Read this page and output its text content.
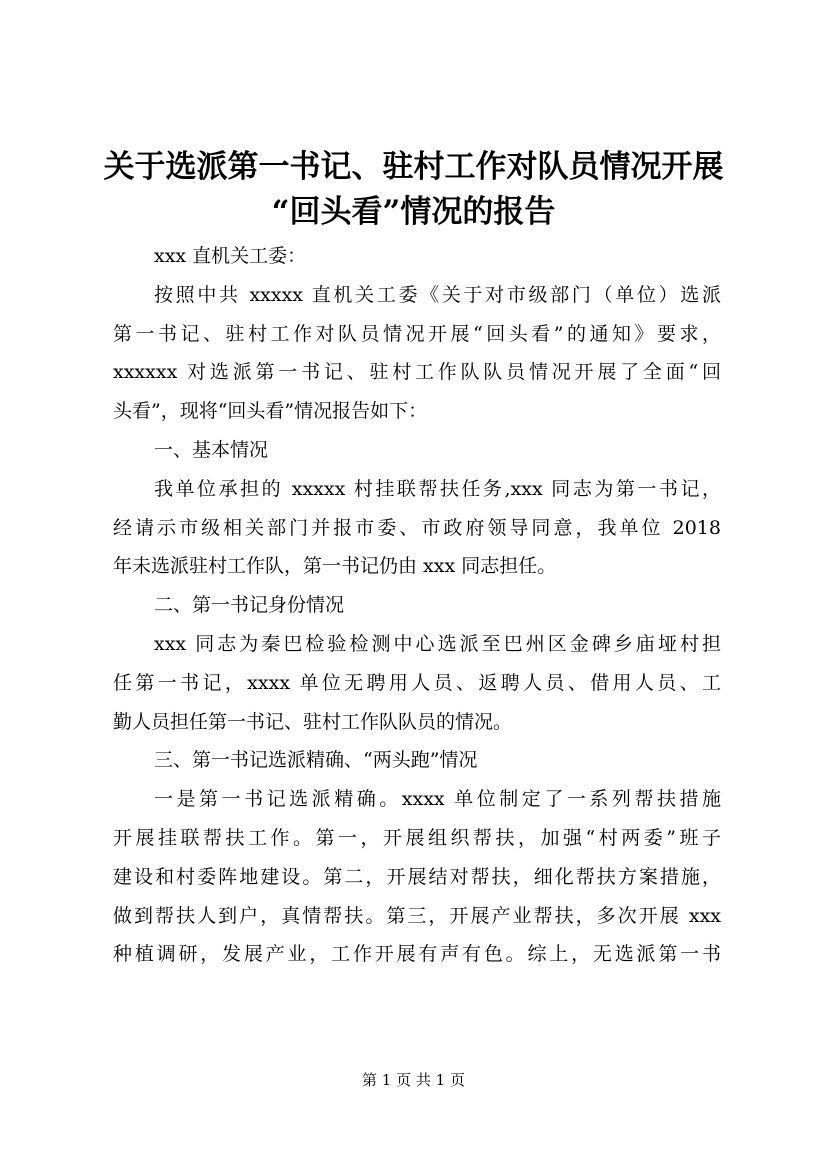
关于选派第一书记、驻村工作对队员情况开展
“回头看”情况的报告
xxx 直机关工委：
按照中共 xxxxx 直机关工委《关于对市级部门（单位）选派
第一书记、驻村工作对队员情况开展“回头看”的通知》要求，
xxxxxx 对选派第一书记、驻村工作队队员情况开展了全面“回
头看”，现将“回头看”情况报告如下：
一、基本情况
我单位承担的 xxxxx 村挂联帮扶任务,xxx 同志为第一书记，
经请示市级相关部门并报市委、市政府领导同意，我单位 2018
年未选派驻村工作队，第一书记仍由 xxx 同志担任。
二、第一书记身份情况
xxx 同志为秦巴检验检测中心选派至巴州区金碑乡庙垭村担
任第一书记，xxxx 单位无聘用人员、返聘人员、借用人员、工
勤人员担任第一书记、驻村工作队队员的情况。
三、第一书记选派精确、“两头跑”情况
一是第一书记选派精确。xxxx 单位制定了一系列帮扶措施
开展挂联帮扶工作。第一，开展组织帮扶，加强“村两委”班子
建设和村委阵地建设。第二，开展结对帮扶，细化帮扶方案措施，
做到帮扶人到户，真情帮扶。第三，开展产业帮扶，多次开展 xxx
种植调研，发展产业，工作开展有声有色。综上，无选派第一书
第 1 页 共 1 页
